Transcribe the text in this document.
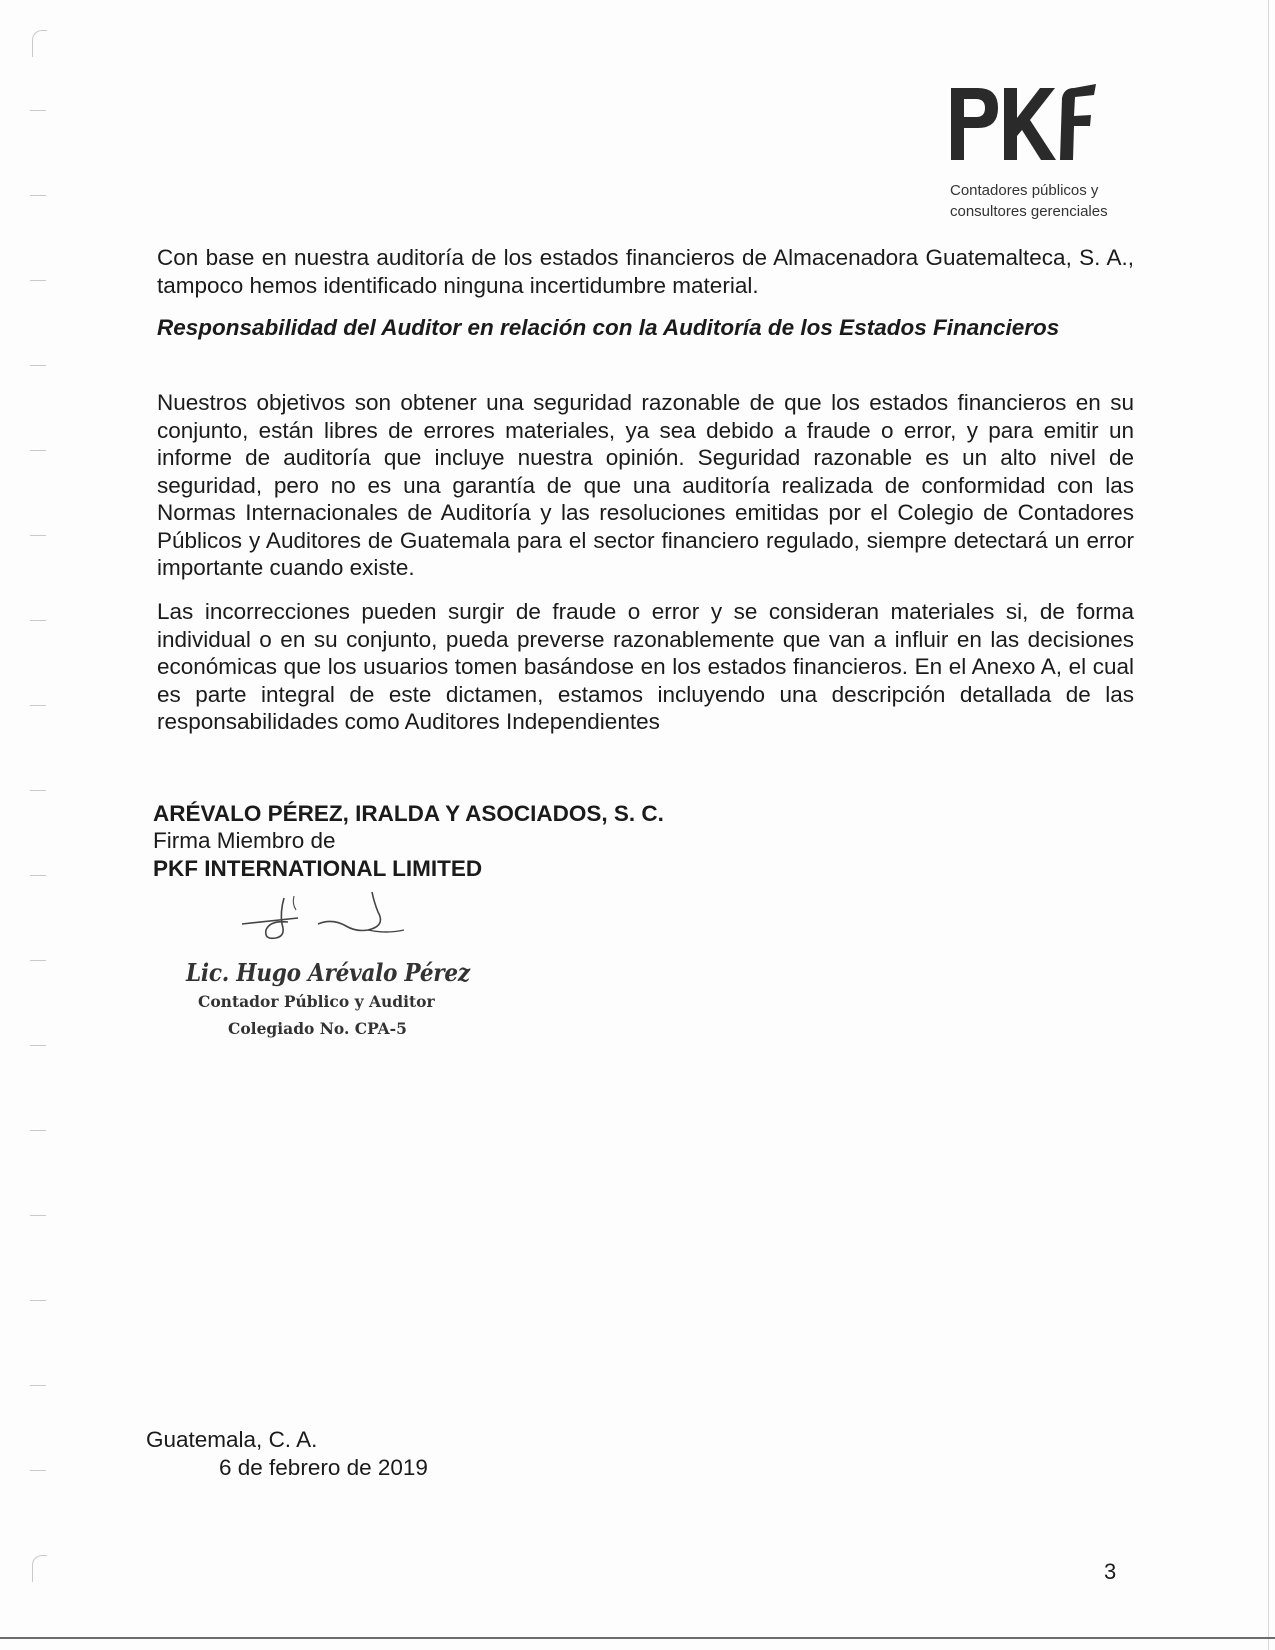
Contadores públicos y
consultores gerenciales
Con base en nuestra auditoría de los estados financieros de Almacenadora Guatemalteca, S. A., tampoco hemos identificado ninguna incertidumbre material.
Responsabilidad del Auditor en relación con la Auditoría de los Estados Financieros
Nuestros objetivos son obtener una seguridad razonable de que los estados financieros en su conjunto, están libres de errores materiales, ya sea debido a fraude o error, y para emitir un informe de auditoría que incluye nuestra opinión. Seguridad razonable es un alto nivel de seguridad, pero no es una garantía de que una auditoría realizada de conformidad con las Normas Internacionales de Auditoría y las resoluciones emitidas por el Colegio de Contadores Públicos y Auditores de Guatemala para el sector financiero regulado, siempre detectará un error importante cuando existe.
Las incorrecciones pueden surgir de fraude o error y se consideran materiales si, de forma individual o en su conjunto, pueda preverse razonablemente que van a influir en las decisiones económicas que los usuarios tomen basándose en los estados financieros. En el Anexo A, el cual es parte integral de este dictamen, estamos incluyendo una descripción detallada de las responsabilidades como Auditores Independientes
ARÉVALO PÉREZ, IRALDA Y ASOCIADOS, S. C.
Firma Miembro de
PKF INTERNATIONAL LIMITED
Lic. Hugo Arévalo Pérez
Contador Público y Auditor
Colegiado No. CPA-5
Guatemala, C. A.
6 de febrero de 2019
3
